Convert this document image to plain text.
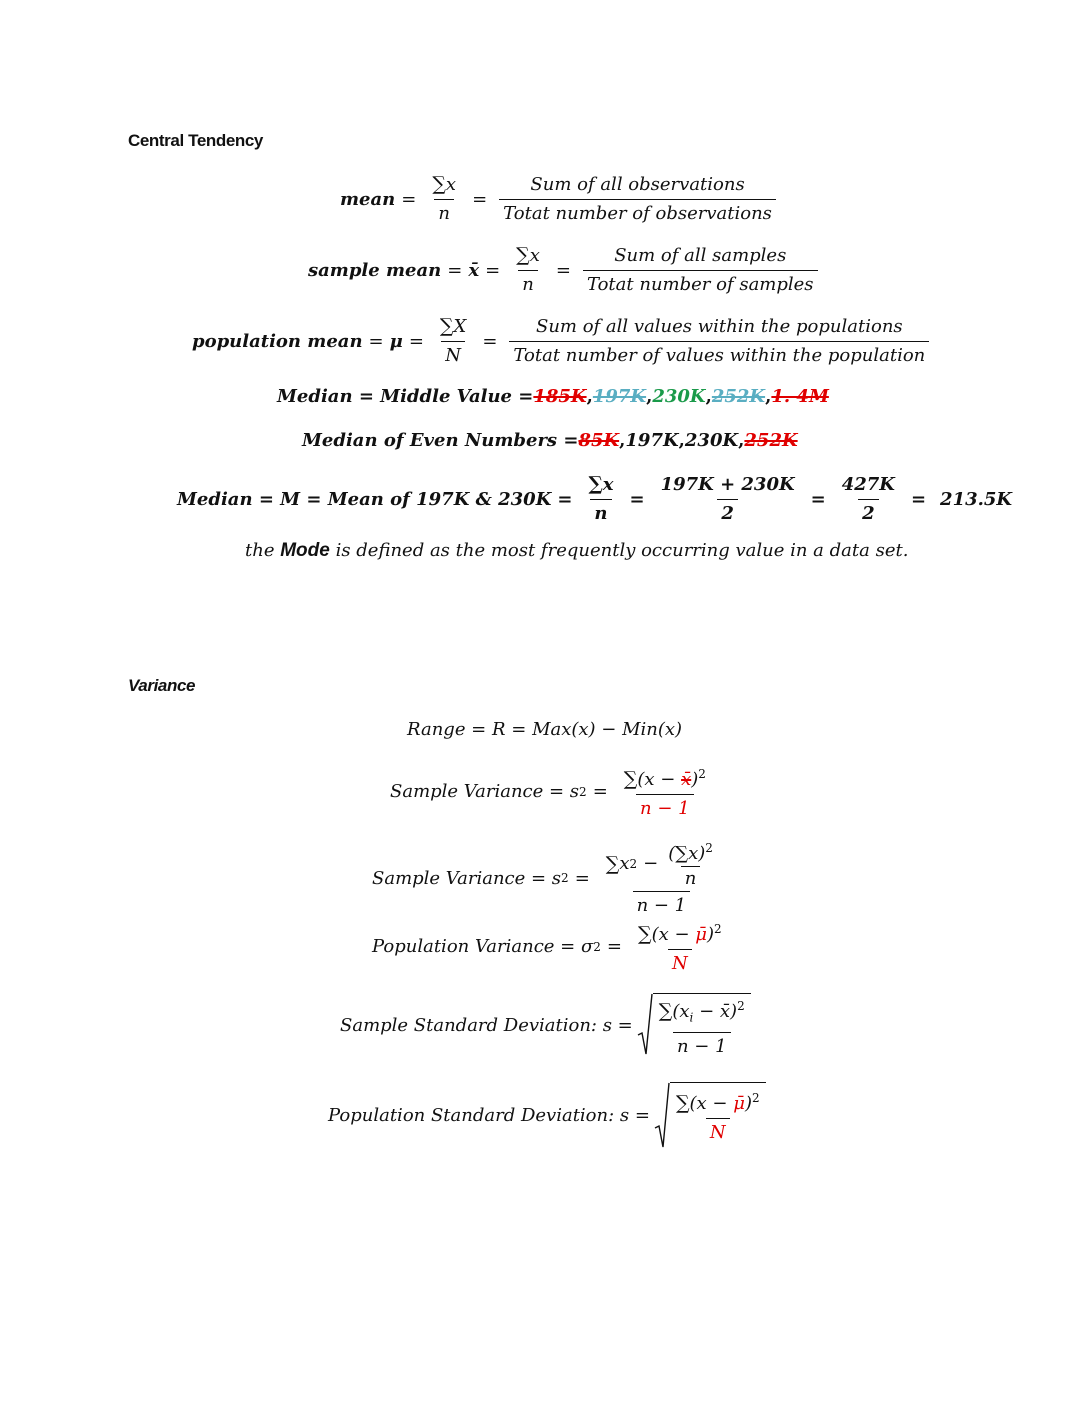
Central Tendency
Variance
mean = $\frac{\sum x}{n} = \frac{\text{Sum of all observations}}{\text{Totat number of observations}}$
sample mean = x̄ = $\frac{\sum x}{n} = \frac{\text{Sum of all samples}}{\text{Totat number of samples}}$
population mean = $\mu = \frac{\sum X}{N} = \frac{\text{Sum of all values within the populations}}{\text{Totat number of values within the population}}$
Median = Middle Value = 185K , 197K , 230K , 252K , 1. 4M
Median of Even Numbers = 85K , 197K , 230K , 252K
Median = M = Mean of 197K & $230K = \frac{\sum x}{n} = \frac{197K + 230K}{2} = \frac{427K}{2} = 213.5K$
the Mode is defined as the most frequently occurring value in a data set.
Range = R = Max(x) − Min(x)
Sample Variance = s $2 = \frac{\sum(x - x̄)^2}{n - 1}$
Sample Variance = s $2 = \frac{\sum x 2 - \frac{(\sum x)^2}{n}}{n - 1}$
Population Variance = σ $2 = \frac{\sum(x - \mū)^2}{N}$
Sample Standard Deviation: $s = \frac{\sum(x_i - x̄)^2}{n - 1}$
Population Standard Deviation: $s = \frac{\sum(x - \mū)^2}{N}$
